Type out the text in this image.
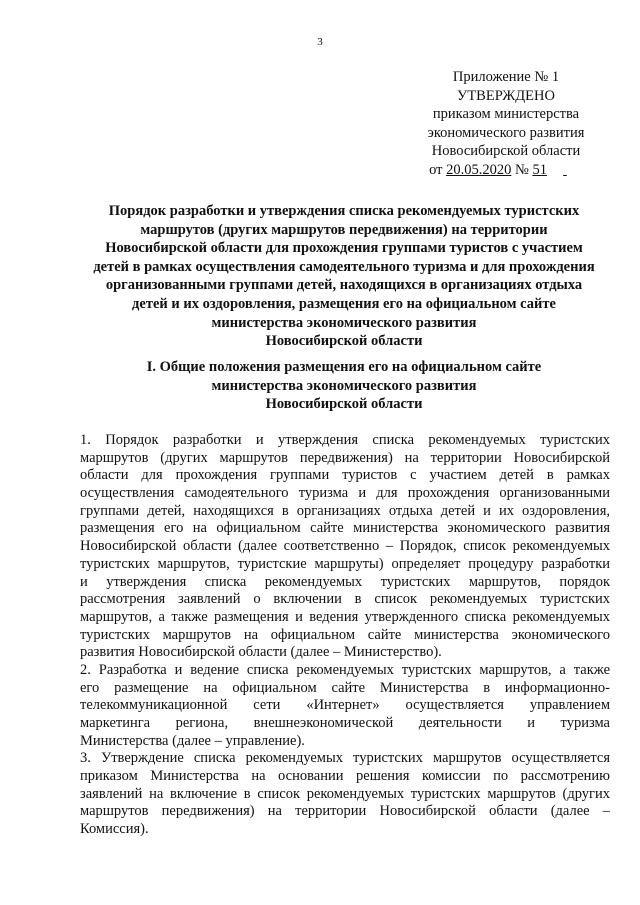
3
Приложение № 1
УТВЕРЖДЕНО
приказом министерства
экономического развития
Новосибирской области
от 20.05.2020 № 51
Порядок разработки и утверждения списка рекомендуемых туристских
маршрутов (других маршрутов передвижения) на территории
Новосибирской области для прохождения группами туристов с участием
детей в рамках осуществления самодеятельного туризма и для прохождения
организованными группами детей, находящихся в организациях отдыха
детей и их оздоровления, размещения его на официальном сайте
министерства экономического развития
Новосибирской области
I. Общие положения размещения его на официальном сайте
министерства экономического развития
Новосибирской области
1. Порядок разработки и утверждения списка рекомендуемых туристских
маршрутов (других маршрутов передвижения) на территории Новосибирской
области для прохождения группами туристов с участием детей в рамках
осуществления самодеятельного туризма и для прохождения организованными
группами детей, находящихся в организациях отдыха детей и их оздоровления,
размещения его на официальном сайте министерства экономического развития
Новосибирской области (далее соответственно – Порядок, список рекомендуемых
туристских маршрутов, туристские маршруты) определяет процедуру разработки
и утверждения списка рекомендуемых туристских маршрутов, порядок
рассмотрения заявлений о включении в список рекомендуемых туристских
маршрутов, а также размещения и ведения утвержденного списка рекомендуемых
туристских маршрутов на официальном сайте министерства экономического
развития Новосибирской области (далее – Министерство).
2. Разработка и ведение списка рекомендуемых туристских маршрутов, а также
его размещение на официальном сайте Министерства в информационно-
телекоммуникационной сети «Интернет» осуществляется управлением
маркетинга региона, внешнеэкономической деятельности и туризма
Министерства (далее – управление).
3. Утверждение списка рекомендуемых туристских маршрутов осуществляется
приказом Министерства на основании решения комиссии по рассмотрению
заявлений на включение в список рекомендуемых туристских маршрутов (других
маршрутов передвижения) на территории Новосибирской области (далее –
Комиссия).
